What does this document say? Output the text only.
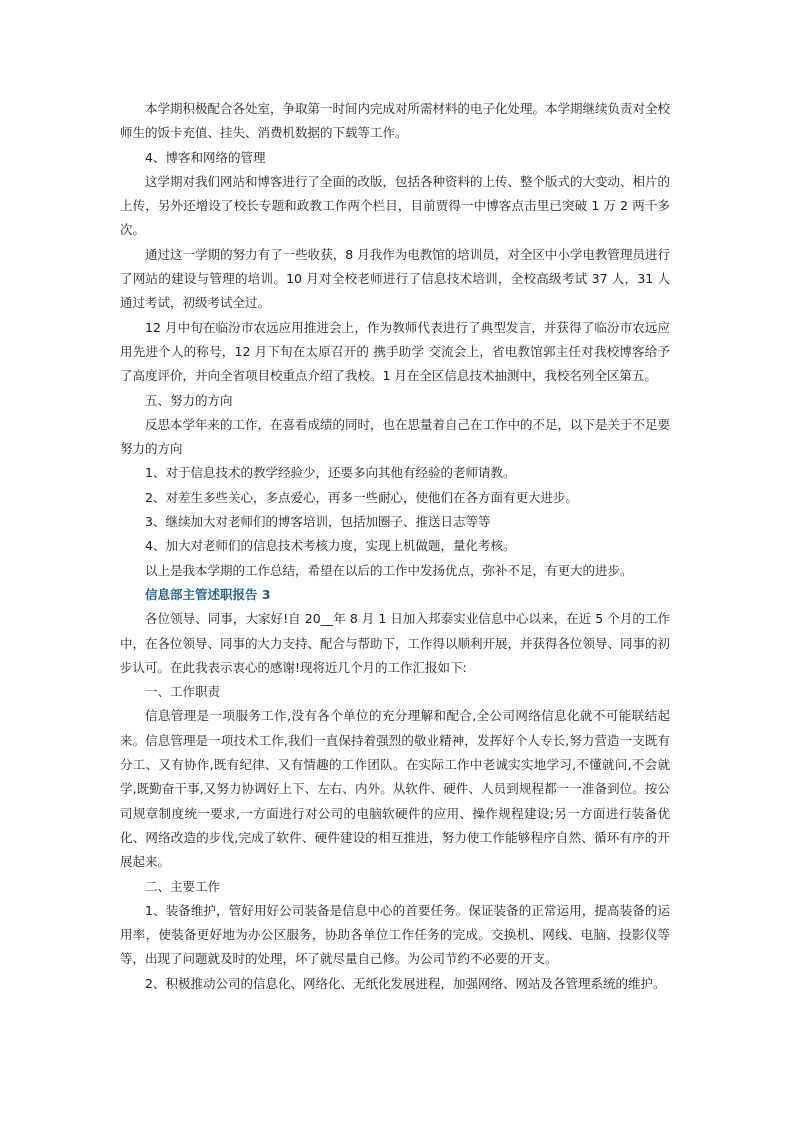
本学期积极配合各处室，争取第一时间内完成对所需材料的电子化处理。本学期继续负责对全校师生的饭卡充值、挂失、消费机数据的下载等工作。

4、博客和网络的管理

这学期对我们网站和博客进行了全面的改版，包括各种资料的上传、整个版式的大变动、相片的上传，另外还增设了校长专题和政教工作两个栏目，目前贾得一中博客点击里已突破 1 万 2 两千多次。

通过这一学期的努力有了一些收获，8 月我作为电教馆的培训员，对全区中小学电教管理员进行了网站的建设与管理的培训。10 月对全校老师进行了信息技术培训，全校高级考试 37 人，31 人通过考试，初级考试全过。

12 月中旬在临汾市农远应用推进会上，作为教师代表进行了典型发言，并获得了临汾市农远应用先进个人的称号，12 月下旬在太原召开的 携手助学 交流会上，省电教馆郭主任对我校博客给予了高度评价，并向全省项目校重点介绍了我校。1 月在全区信息技术抽测中，我校名列全区第五。

五、努力的方向

反思本学年来的工作，在喜看成绩的同时，也在思量着自己在工作中的不足，以下是关于不足要努力的方向

1、对于信息技术的教学经验少，还要多向其他有经验的老师请教。

2、对差生多些关心，多点爱心，再多一些耐心，使他们在各方面有更大进步。

3、继续加大对老师们的博客培训，包括加圈子、推送日志等等

4、加大对老师们的信息技术考核力度，实现上机做题，量化考核。

以上是我本学期的工作总结，希望在以后的工作中发扬优点，弥补不足，有更大的进步。

信息部主管述职报告 3

各位领导、同事，大家好!自 20__年 8 月 1 日加入邦泰实业信息中心以来，在近 5 个月的工作中，在各位领导、同事的大力支持、配合与帮助下，工作得以顺利开展，并获得各位领导、同事的初步认可。在此我表示衷心的感谢!现将近几个月的工作汇报如下:

一、工作职责

信息管理是一项服务工作,没有各个单位的充分理解和配合,全公司网络信息化就不可能联结起来。信息管理是一项技术工作,我们一直保持着强烈的敬业精神，发挥好个人专长,努力营造一支既有分工、又有协作,既有纪律、又有情趣的工作团队。在实际工作中老诚实实地学习,不懂就问,不会就学,既勤奋干事,又努力协调好上下、左右、内外。从软件、硬件、人员到规程都一一准备到位。按公司规章制度统一要求,一方面进行对公司的电脑软硬件的应用、操作规程建设;另一方面进行装备优化、网络改造的步伐,完成了软件、硬件建设的相互推进，努力使工作能够程序自然、循环有序的开展起来。

二、主要工作

1、装备维护，管好用好公司装备是信息中心的首要任务。保证装备的正常运用，提高装备的运用率，使装备更好地为办公区服务，协助各单位工作任务的完成。交换机、网线、电脑、投影仪等等，出现了问题就及时的处理，坏了就尽量自己修。为公司节约不必要的开支。

2、积极推动公司的信息化、网络化、无纸化发展进程，加强网络、网站及各管理系统的维护。
